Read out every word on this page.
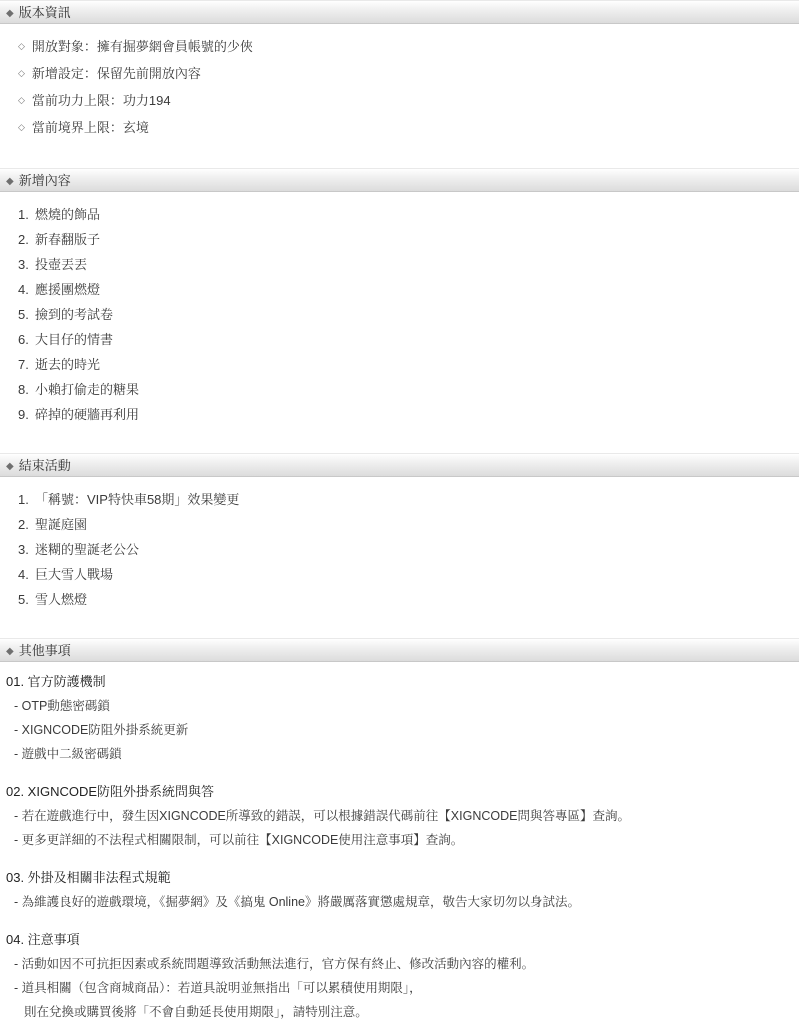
◆ 版本資訊
◇ 開放對象：擁有掘夢網會員帳號的少俠
◇ 新增設定：保留先前開放內容
◇ 當前功力上限：功力194
◇ 當前境界上限：玄境
◆ 新增內容
1. 燃燒的飾品
2. 新春翻版子
3. 投壺丟丟
4. 應援團燃燈
5. 撿到的考試卷
6. 大目仔的情書
7. 逝去的時光
8. 小賴打偷走的糖果
9. 碎掉的硬牆再利用
◆ 結束活動
1. 「稱號：VIP特快車58期」效果變更
2. 聖誕庭園
3. 迷糊的聖誕老公公
4. 巨大雪人戰場
5. 雪人燃燈
◆ 其他事項
01. 官方防護機制
- OTP動態密碼鎖
- XIGNCODE防阻外掛系統更新
- 遊戲中二級密碼鎖
02. XIGNCODE防阻外掛系統問與答
- 若在遊戲進行中，發生因XIGNCODE所導致的錯誤，可以根據錯誤代碼前往【XIGNCODE問與答專區】查詢。
- 更多更詳細的不法程式相關限制，可以前往【XIGNCODE使用注意事項】查詢。
03. 外掛及相關非法程式規範
- 為維護良好的遊戲環境，《掘夢網》及《搞鬼 Online》將嚴厲落實懲處規章，敬告大家切勿以身試法。
04. 注意事項
- 活動如因不可抗拒因素或系統問題導致活動無法進行，官方保有終止、修改活動內容的權利。
- 道具相關（包含商城商品）：若道具說明並無指出「可以累積使用期限」，
則在兌換或購買後將「不會自動延長使用期限」，請特別注意。
